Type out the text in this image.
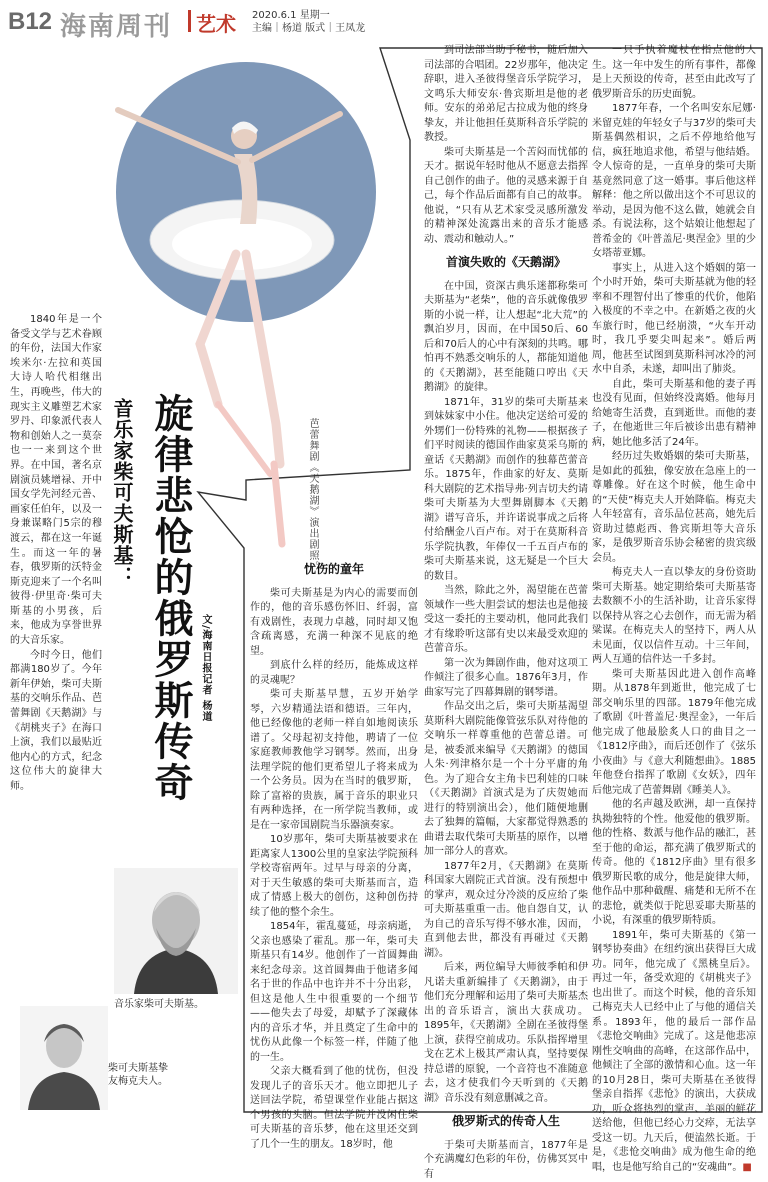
B12 海南周刊 艺术 2020.6.1 星期一
主编｜杨道 版式｜王凤龙

1840年是一个备受文学与艺术眷顾的年份，法国大作家埃米尔·左拉和英国大诗人哈代相继出生，再晚些，伟大的现实主义雕塑艺术家罗丹、印象派代表人物和创始人之一莫奈也一一来到这个世界。在中国，著名京剧演员姚增禄、开中国女学先河经元善、画家任伯年，以及一身兼谋略门5宗的穆渡云，都在这一年诞生。而这一年的暑春，俄罗斯的沃特金斯克迎来了一个名叫彼得·伊里奇·柴可夫斯基的小男孩，后来，他成为享誉世界的大音乐家。

今时今日，他们都满180岁了。今年新年伊始，柴可夫斯基的交响乐作品、芭蕾舞剧《天鹅湖》与《胡桃夹子》在海口上演，我们以最贴近他内心的方式，纪念这位伟大的旋律大师。

音乐家柴可夫斯基： 旋律悲怆的俄罗斯传奇 文/海南日报记者 杨道
芭蕾舞剧《天鹅湖》演出剧照。
忧伤的童年

柴可夫斯基是为内心的需要而创作的，他的音乐感伤怀旧、纤弱，富有戏剧性，表现力卓越，同时却又饱含疏离感，充满一种深不见底的绝望。

到底什么样的经历，能炼成这样的灵魂呢？

柴可夫斯基早慧，五岁开始学琴，六岁精通法语和德语。三年内，他已经像他的老师一样自如地阅读乐谱了。父母起初支持他，聘请了一位家庭教师教他学习钢琴。然而，出身法理学院的他们更希望儿子将来成为一个公务员。因为在当时的俄罗斯，除了富裕的贵族，属于音乐的职业只有两种选择，在一所学院当教师，或是在一家帝国剧院当乐器演奏家。

10岁那年，柴可夫斯基被要求在距离家人1300公里的皇家法学院预科学校寄宿两年。过早与母亲的分离，对于天生敏感的柴可夫斯基而言，造成了情感上极大的创伤，这种创伤持续了他的整个余生。

1854年，霍乱蔓延，母亲病逝，父亲也感染了霍乱。那一年，柴可夫斯基只有14岁。他创作了一首圆舞曲来纪念母亲。这首圆舞曲于他诸多闻名于世的作品中也许并不十分出彩，但这是他人生中很重要的一个细节——他失去了母爱，却赋予了深藏体内的音乐才华，并且奠定了生命中的忧伤从此像一个标签一样，伴随了他的一生。

父亲大概看到了他的忧伤，但没发现儿子的音乐天才。他立即把儿子送回法学院，希望课堂作业能占据这个男孩的头脑。但法学院并没闲住柴可夫斯基的音乐梦，他在这里还交到了几个一生的朋友。18岁时，他

到司法部当助手秘书，随后加入司法部的合唱团。22岁那年，他决定辞职，进入圣彼得堡音乐学院学习，文鸣乐大师安东·鲁宾斯坦是他的老师。安东的弟弟尼古拉成为他的终身挚友，并让他担任莫斯科音乐学院的教授。

柴可夫斯基是一个苦闷而忧郁的天才。据说年轻时他从不愿意去指挥自己创作的曲子。他的灵感来源于自己，每个作品后面都有自己的故事。他说，“只有从艺术家受灵感所激发的精神深处流露出来的音乐才能感动、震动和触动人。”

首演失败的《天鹅湖》

在中国，资深古典乐迷都称柴可夫斯基为“老柴”，他的音乐就像俄罗斯的小说一样，让人想起“北大荒”的飘泊岁月，因而，在中国50后、60后和70后人的心中有深刻的共鸣。哪怕再不熟悉交响乐的人，都能知道他的《天鹅湖》，甚至能随口哼出《天鹅湖》的旋律。

1871年，31岁的柴可夫斯基来到妹妹家中小住。他决定送给可爱的外甥们一份特殊的礼物——根据孩子们平时阅读的德国作曲家莫采乌斯的童话《天鹅湖》而创作的独幕芭蕾音乐。1875年，作曲家的好友、莫斯科大剧院的艺术指导弗·列吉切夫约请柴可夫斯基为大型舞剧脚本《天鹅湖》谱写音乐，并许诺说事成之后将付给酬金八百卢布。对于在莫斯科音乐学院执教，年俸仅一千五百卢布的柴可夫斯基来说，这无疑是一个巨大的数目。

当然，除此之外，渴望能在芭蕾领域作一些大胆尝试的想法也是他接受这一委托的主要动机，他同此我们才有缘聆听这部有史以来最受欢迎的芭蕾音乐。

第一次为舞剧作曲，他对这项工作倾注了很多心血。1876年3月，作曲家写完了四幕舞剧的钢琴谱。

作品交出之后，柴可夫斯基渴望莫斯科大剧院能像管弦乐队对待他的交响乐一样尊重他的芭蕾总谱。可是，被委派来编导《天鹅湖》的德国人朱·列津格尔是一个十分平庸的角色。为了迎合女主角卡巴利娃的口味（《天鹅湖》首演式是为了庆贺她而进行的特别演出会），他们随便地删去了独舞的篇幅，大家都觉得熟悉的曲谱去取代柴可夫斯基的原作，以增加一部分人的喜欢。

1877年2月，《天鹅湖》在莫斯科国家大剧院正式首演。没有预想中的掌声，观众过分冷淡的反应给了柴可夫斯基重重一击。他自怨自艾，认为自己的音乐写得不够水准，因而，直到他去世，都没有再碰过《天鹅湖》。

后来，两位编导大师彼季帕和伊凡诺夫重新编排了《天鹅湖》，由于他们充分理解和运用了柴可夫斯基杰出的音乐语言，演出大获成功。1895年，《天鹅湖》全剧在圣彼得堡上演，获得空前成功。乐队指挥增里戈在艺术上极其严肃认真，坚持要保持总谱的原貌，一个音符也不准随意去，这才使我们今天听到的《天鹅湖》音乐没有刻意删减之音。

俄罗斯式的传奇人生

于柴可夫斯基而言，1877年是个充满魔幻色彩的年份，仿佛冥冥中有

一只手执着魔杖在指点他的人生。这一年中发生的所有事件，都像是上天预设的传奇，甚至由此改写了俄罗斯音乐的历史面貌。

1877年春，一个名叫安东尼娜·米留克娃的年轻女子与37岁的柴可夫斯基偶然相识，之后不停地给他写信，疯狂地追求他，希望与他结婚。令人惊奇的是，一直单身的柴可夫斯基竟然同意了这一婚事。事后他这样解释：他之所以做出这个不可思议的举动，是因为他不这么做，她就会自杀。有说法称，这个姑娘让他想起了普希金的《叶普盖尼·奥涅金》里的少女塔蒂亚娜。

事实上，从进入这个婚姻的第一个小时开始，柴可夫斯基就为他的轻率和不理智付出了惨重的代价，他陷入极度的不幸之中。在新婚之夜的火车旅行时，他已经崩溃，“火车开动时，我几乎要尖叫起来”。婚后两周，他甚至试图到莫斯科河冰冷的河水中自杀，未遂，却叫出了肺炎。

自此，柴可夫斯基和他的妻子再也没有见面，但始终没离婚。他每月给她寄生活费，直到逝世。而他的妻子，在他逝世三年后被诊出患有精神病，她比他多活了24年。

经历过失败婚姻的柴可夫斯基，是如此的孤独，像安放在急座上的一尊雕像。好在这个时候，他生命中的“天使”梅克夫人开始降临。梅克夫人年轻富有，音乐品位甚高，她先后资助过德彪西、鲁宾斯坦等大音乐家，是俄罗斯音乐协会秘密的贵宾级会员。

梅克夫人一直以挚友的身份资助柴可夫斯基。她定期给柴可夫斯基寄去数额不小的生活补助，让音乐家得以保持从容之心去创作，而无需为稻粱谋。在梅克夫人的坚持下，两人从未见面，仅以信件互动。十三年间，两人互通的信件达一千多封。

柴可夫斯基因此进入创作高峰期。从1878年到逝世，他完成了七部交响乐里的四部。1879年他完成了歌剧《叶普盖尼·奥涅金》，一年后他完成了他最脍炙人口的曲目之一《1812序曲》，而后还创作了《弦乐小夜曲》与《意大利随想曲》。1885年他登台指挥了歌剧《女妖》，四年后他完成了芭蕾舞剧《睡美人》。

他的名声越及欧洲，却一直保持执拗独特的个性。他爱他的俄罗斯。他的性格、数派与他作品的融汇，甚至于他的命运，都充满了俄罗斯式的传奇。他的《1812序曲》里有很多俄罗斯民歌的成分，他是旋律大师，他作品中那种截醒、痛楚和无所不在的悲怆，就类似于陀思妥耶夫斯基的小说，有深重的俄罗斯特质。

1891年，柴可夫斯基的《第一钢琴协奏曲》在纽约演出获得巨大成功。同年，他完成了《黑桃皇后》。再过一年，备受欢迎的《胡桃夹子》也出世了。而这个时候，他的音乐知己梅克夫人已经中止了与他的通信关系。1893年，他的最后一部作品《悲怆交响曲》完成了。这是他悲凉刚性交响曲的高峰，在这部作品中，他倾注了全部的激情和心血。这一年的10月28日，柴可夫斯基在圣彼得堡亲自指挥《悲怆》的演出，大获成功，听众将热烈的掌声、美丽的鲜花送给他，但他已经心力交瘁，无法享受这一切。九天后，便溘然长逝。于是，《悲怆交响曲》成为他生命的绝唱，也是他写给自己的“安魂曲”。■

音乐家柴可夫斯基。
柴可夫斯基挚友梅克夫人。
